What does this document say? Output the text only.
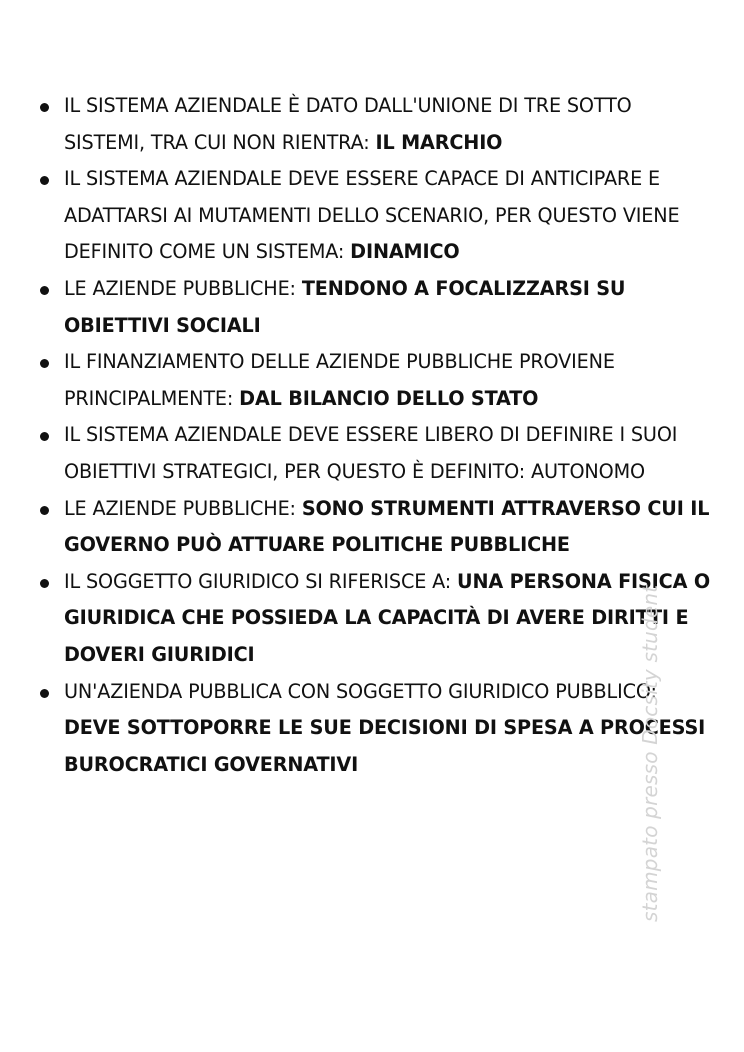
IL SISTEMA AZIENDALE È DATO DALL'UNIONE DI TRE SOTTO SISTEMI, TRA CUI NON RIENTRA: IL MARCHIO
IL SISTEMA AZIENDALE DEVE ESSERE CAPACE DI ANTICIPARE E ADATTARSI AI MUTAMENTI DELLO SCENARIO, PER QUESTO VIENE DEFINITO COME UN SISTEMA: DINAMICO
LE AZIENDE PUBBLICHE: TENDONO A FOCALIZZARSI SU OBIETTIVI SOCIALI
IL FINANZIAMENTO DELLE AZIENDE PUBBLICHE PROVIENE PRINCIPALMENTE: DAL BILANCIO DELLO STATO
IL SISTEMA AZIENDALE DEVE ESSERE LIBERO DI DEFINIRE I SUOI OBIETTIVI STRATEGICI, PER QUESTO È DEFINITO: AUTONOMO
LE AZIENDE PUBBLICHE: SONO STRUMENTI ATTRAVERSO CUI IL GOVERNO PUÒ ATTUARE POLITICHE PUBBLICHE
IL SOGGETTO GIURIDICO SI RIFERISCE A: UNA PERSONA FISICA O GIURIDICA CHE POSSIEDA LA CAPACITÀ DI AVERE DIRITTI E DOVERI GIURIDICI
UN'AZIENDA PUBBLICA CON SOGGETTO GIURIDICO PUBBLICO: DEVE SOTTOPORRE LE SUE DECISIONI DI SPESA A PROCESSI BUROCRATICI GOVERNATIVI	stampato presso Docsity student
